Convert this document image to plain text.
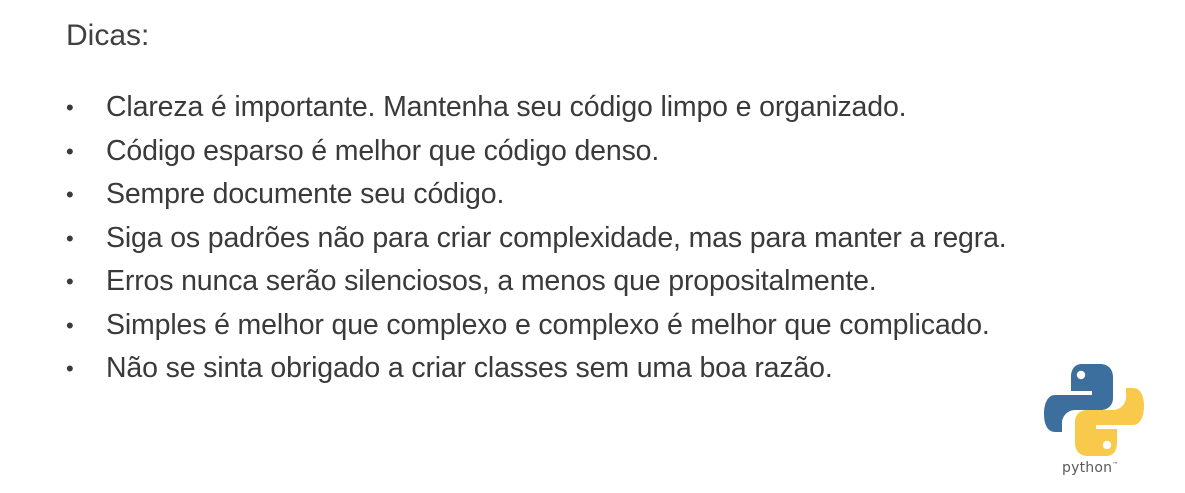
Dicas:
• Clareza é importante. Mantenha seu código limpo e organizado.
• Código esparso é melhor que código denso.
• Sempre documente seu código.
• Siga os padrões não para criar complexidade, mas para manter a regra.
• Erros nunca serão silenciosos, a menos que propositalmente.
• Simples é melhor que complexo e complexo é melhor que complicado.
• Não se sinta obrigado a criar classes sem uma boa razão.
python™
